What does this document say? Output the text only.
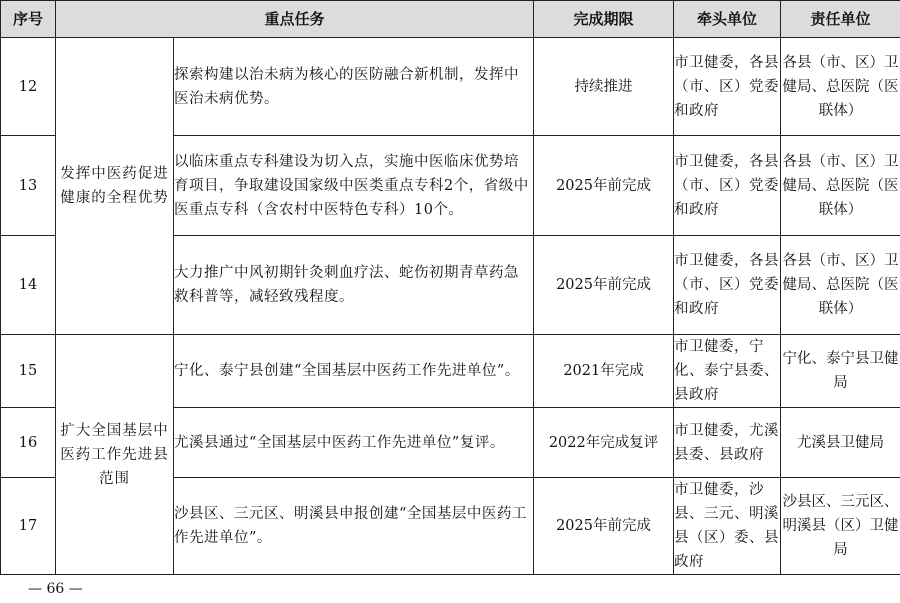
序号	重点任务		完成期限	牵头单位	责任单位
12	发挥中医药促进健康的全程优势	探索构建以治未病为核心的医防融合新机制，发挥中医治未病优势。	持续推进	市卫健委，各县（市、区）党委和政府	各县（市、区）卫健局、总医院（医联体）
13		以临床重点专科建设为切入点，实施中医临床优势培育项目，争取建设国家级中医类重点专科2个，省级中医重点专科（含农村中医特色专科）10个。	2025年前完成	市卫健委，各县（市、区）党委和政府	各县（市、区）卫健局、总医院（医联体）
14		大力推广中风初期针灸刺血疗法、蛇伤初期青草药急救科普等，减轻致残程度。	2025年前完成	市卫健委，各县（市、区）党委和政府	各县（市、区）卫健局、总医院（医联体）
15	扩大全国基层中医药工作先进县范围	宁化、泰宁县创建“全国基层中医药工作先进单位”。	2021年完成	市卫健委，宁化、泰宁县委、县政府	宁化、泰宁县卫健局
16		尤溪县通过“全国基层中医药工作先进单位”复评。	2022年完成复评	市卫健委，尤溪县委、县政府	尤溪县卫健局
17		沙县区、三元区、明溪县申报创建“全国基层中医药工作先进单位”。	2025年前完成	市卫健委，沙县、三元、明溪县（区）委、县政府	沙县区、三元区、明溪县（区）卫健局
— 66 —
